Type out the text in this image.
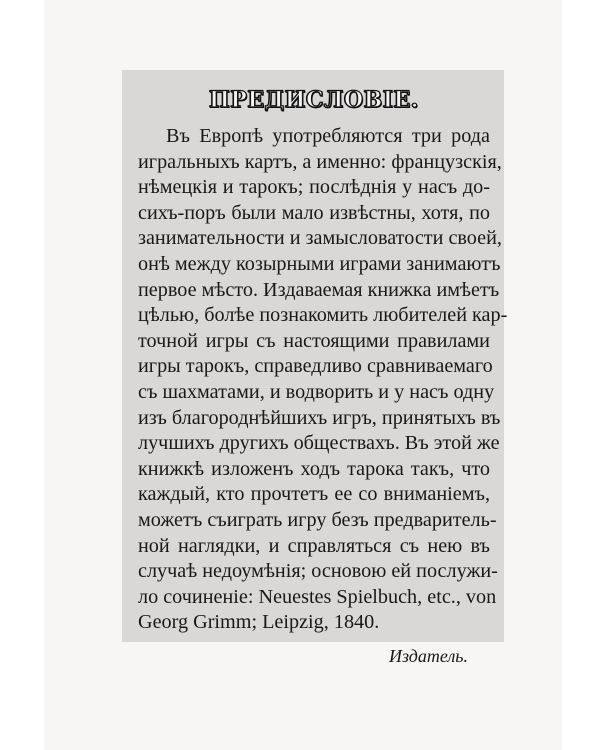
ПРЕДИСЛОВІЕ.
Въ Европѣ употребляются три рода
игральныхъ картъ, а именно: французскія,
нѣмецкія и тарокъ; послѣднія у насъ до-
сихъ-поръ были мало извѣстны, хотя, по
занимательности и замысловатости своей,
онѣ между козырными играми занимаютъ
первое мѣсто. Издаваемая книжка имѣетъ
цѣлью, болѣе познакомить любителей кар-
точной игры съ настоящими правилами
игры тарокъ, справедливо сравниваемаго
съ шахматами, и водворить и у насъ одну
изъ благороднѣйшихъ игръ, принятыхъ въ
лучшихъ другихъ обществахъ. Въ этой же
книжкѣ изложенъ ходъ тарока такъ, что
каждый, кто прочтетъ ее со вниманіемъ,
можетъ съиграть игру безъ предваритель-
ной наглядки, и справляться съ нею въ
случаѣ недоумѣнія; основою ей послужи-
ло сочиненіе: Neuestes Spielbuch, etc., von
Georg Grimm; Leipzig, 1840.
Издатель.
